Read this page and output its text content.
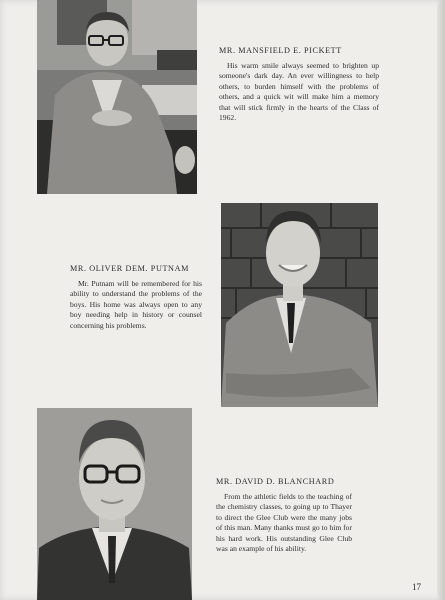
MR. MANSFIELD E. PICKETT

His warm smile always seemed to brighten up someone's dark day. An ever willingness to help others, to burden himself with the problems of others, and a quick wit will make him a memory that will stick firmly in the hearts of the Class of 1962.

MR. OLIVER DEM. PUTNAM

Mr. Putnam will be remembered for his ability to understand the problems of the boys. His home was always open to any boy needing help in history or counsel concerning his problems.

MR. DAVID D. BLANCHARD

From the athletic fields to the teaching of the chemistry classes, to going up to Thayer to direct the Glee Club were the many jobs of this man. Many thanks must go to him for his hard work. His outstanding Glee Club was an example of his ability.

17
